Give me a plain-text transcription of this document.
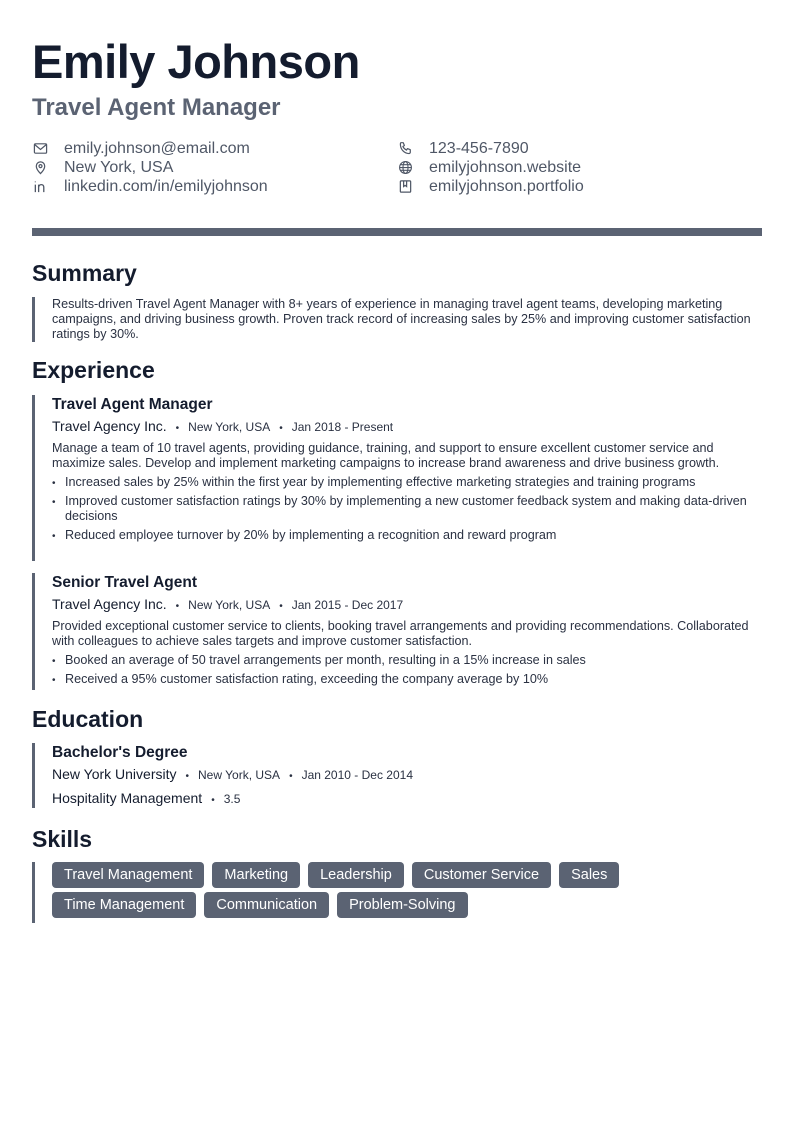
Emily Johnson
Travel Agent Manager
emily.johnson@email.com	123-456-7890
New York, USA	emilyjohnson.website
linkedin.com/in/emilyjohnson	emilyjohnson.portfolio
Summary

Results-driven Travel Agent Manager with 8+ years of experience in managing travel agent teams, developing marketing campaigns, and driving business growth. Proven track record of increasing sales by 25% and improving customer satisfaction ratings by 30%.

Experience
Travel Agent Manager
Travel Agency Inc. • New York, USA • Jan 2018 - Present

Manage a team of 10 travel agents, providing guidance, training, and support to ensure excellent customer service and maximize sales. Develop and implement marketing campaigns to increase brand awareness and drive business growth.

• Increased sales by 25% within the first year by implementing effective marketing strategies and training programs
• Improved customer satisfaction ratings by 30% by implementing a new customer feedback system and making data-driven decisions
• Reduced employee turnover by 20% by implementing a recognition and reward program
Senior Travel Agent
Travel Agency Inc. • New York, USA • Jan 2015 - Dec 2017

Provided exceptional customer service to clients, booking travel arrangements and providing recommendations. Collaborated with colleagues to achieve sales targets and improve customer satisfaction.

• Booked an average of 50 travel arrangements per month, resulting in a 15% increase in sales
• Received a 95% customer satisfaction rating, exceeding the company average by 10%
Education
Bachelor's Degree
New York University • New York, USA • Jan 2010 - Dec 2014
Hospitality Management • 3.5
Skills
Travel Management	Marketing	Leadership	Customer Service	Sales
Time Management	Communication	Problem-Solving
